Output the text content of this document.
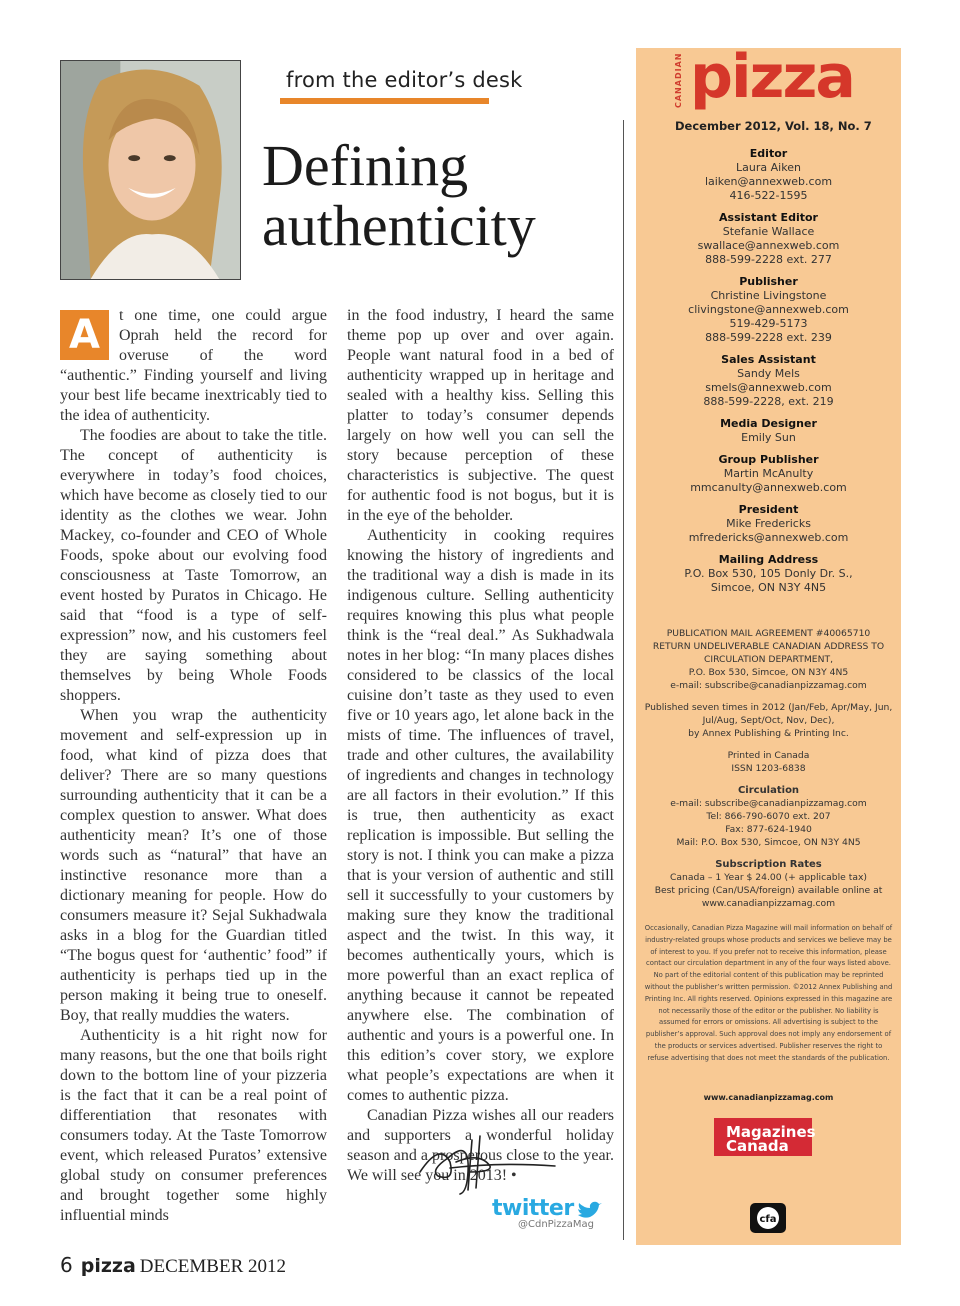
from the editor’s desk
Defining
authenticity

A	t one time, one could argue Oprah held the record for overuse of the word “authentic.” Finding yourself and living your best life became inextricably tied to the idea of authenticity.

The foodies are about to take the title. The concept of authenticity is everywhere in today’s food choices, which have become as closely tied to our identity as the clothes we wear. John Mackey, co-founder and CEO of Whole Foods, spoke about our evolving food consciousness at Taste Tomorrow, an event hosted by Puratos in Chicago. He said that “food is a type of self-expression” now, and his customers feel they are saying something about themselves by being Whole Foods shoppers.

When you wrap the authenticity movement and self-expression up in food, what kind of pizza does that deliver? There are so many questions surrounding authenticity that it can be a complex question to answer. What does authenticity mean? It’s one of those words such as “natural” that have an instinctive resonance more than a dictionary meaning for people. How do consumers measure it? Sejal Sukhadwala asks in a blog for the Guardian titled “The bogus quest for ‘authentic’ food” if authenticity is perhaps tied up in the person making it being true to oneself. Boy, that really muddies the waters.

Authenticity is a hit right now for many reasons, but the one that boils right down to the bottom line of your pizzeria is the fact that it can be a real point of differentiation that resonates with consumers today. At the Taste Tomorrow event, which released Puratos’ extensive global study on consumer preferences and brought together some highly influential minds

in the food industry, I heard the same theme pop up over and over again. People want natural food in a bed of authenticity wrapped up in heritage and sealed with a healthy kiss. Selling this platter to today’s consumer depends largely on how well you can sell the story because perception of these characteristics is subjective. The quest for authentic food is not bogus, but it is in the eye of the beholder.

Authenticity in cooking requires knowing the history of ingredients and the traditional way a dish is made in its indigenous culture. Selling authenticity requires knowing this plus what people think is the “real deal.” As Sukhadwala notes in her blog: “In many places dishes considered to be classics of the local cuisine don’t taste as they used to even five or 10 years ago, let alone back in the mists of time. The influences of travel, trade and other cultures, the availability of ingredients and changes in technology are all factors in their evolution.” If this is true, then authenticity as exact replication is impossible. But selling the story is not. I think you can make a pizza that is your version of authentic and still sell it successfully to your customers by making sure they know the traditional aspect and the twist. In this way, it becomes authentically yours, which is more powerful than an exact replica of anything because it cannot be repeated anywhere else. The combination of authentic and yours is a powerful one. In this edition’s cover story, we explore what people’s expectations are when it comes to authentic pizza.

Canadian Pizza wishes all our readers and supporters a wonderful holiday season and a prosperous close to the year. We will see you in 2013! •

twitter
@CdnPizzaMag
6 pizza DECEMBER 2012
CANADIAN pizza
December 2012, Vol. 18, No. 7
Editor
Laura Aiken
laiken@annexweb.com
416-522-1595
Assistant Editor
Stefanie Wallace
swallace@annexweb.com
888-599-2228 ext. 277
Publisher
Christine Livingstone
clivingstone@annexweb.com
519-429-5173
888-599-2228 ext. 239
Sales Assistant
Sandy Mels
smels@annexweb.com
888-599-2228, ext. 219
Media Designer
Emily Sun
Group Publisher
Martin McAnulty
mmcanulty@annexweb.com
President
Mike Fredericks
mfredericks@annexweb.com
Mailing Address
P.O. Box 530, 105 Donly Dr. S.,
Simcoe, ON N3Y 4N5
PUBLICATION MAIL AGREEMENT #40065710
RETURN UNDELIVERABLE CANADIAN ADDRESS TO
CIRCULATION DEPARTMENT,
P.O. Box 530, Simcoe, ON N3Y 4N5
e-mail: subscribe@canadianpizzamag.com
Published seven times in 2012 (Jan/Feb, Apr/May, Jun,
Jul/Aug, Sept/Oct, Nov, Dec),
by Annex Publishing & Printing Inc.
Printed in Canada
ISSN 1203-6838
Circulation
e-mail: subscribe@canadianpizzamag.com
Tel: 866-790-6070 ext. 207
Fax: 877-624-1940
Mail: P.O. Box 530, Simcoe, ON N3Y 4N5
Subscription Rates
Canada – 1 Year $ 24.00 (+ applicable tax)
Best pricing (Can/USA/foreign) available online at
www.canadianpizzamag.com
Occasionally, Canadian Pizza Magazine will mail information on behalf of industry-related groups whose products and services we believe may be of interest to you. If you prefer not to receive this information, please contact our circulation department in any of the four ways listed above. No part of the editorial content of this publication may be reprinted without the publisher’s written permission. ©2012 Annex Publishing and Printing Inc. All rights reserved. Opinions expressed in this magazine are not necessarily those of the editor or the publisher. No liability is assumed for errors or omissions. All advertising is subject to the publisher’s approval. Such approval does not imply any endorsement of the products or services advertised. Publisher reserves the right to refuse advertising that does not meet the standards of the publication.
www.canadianpizzamag.com
Magazines
Canada
cfa
